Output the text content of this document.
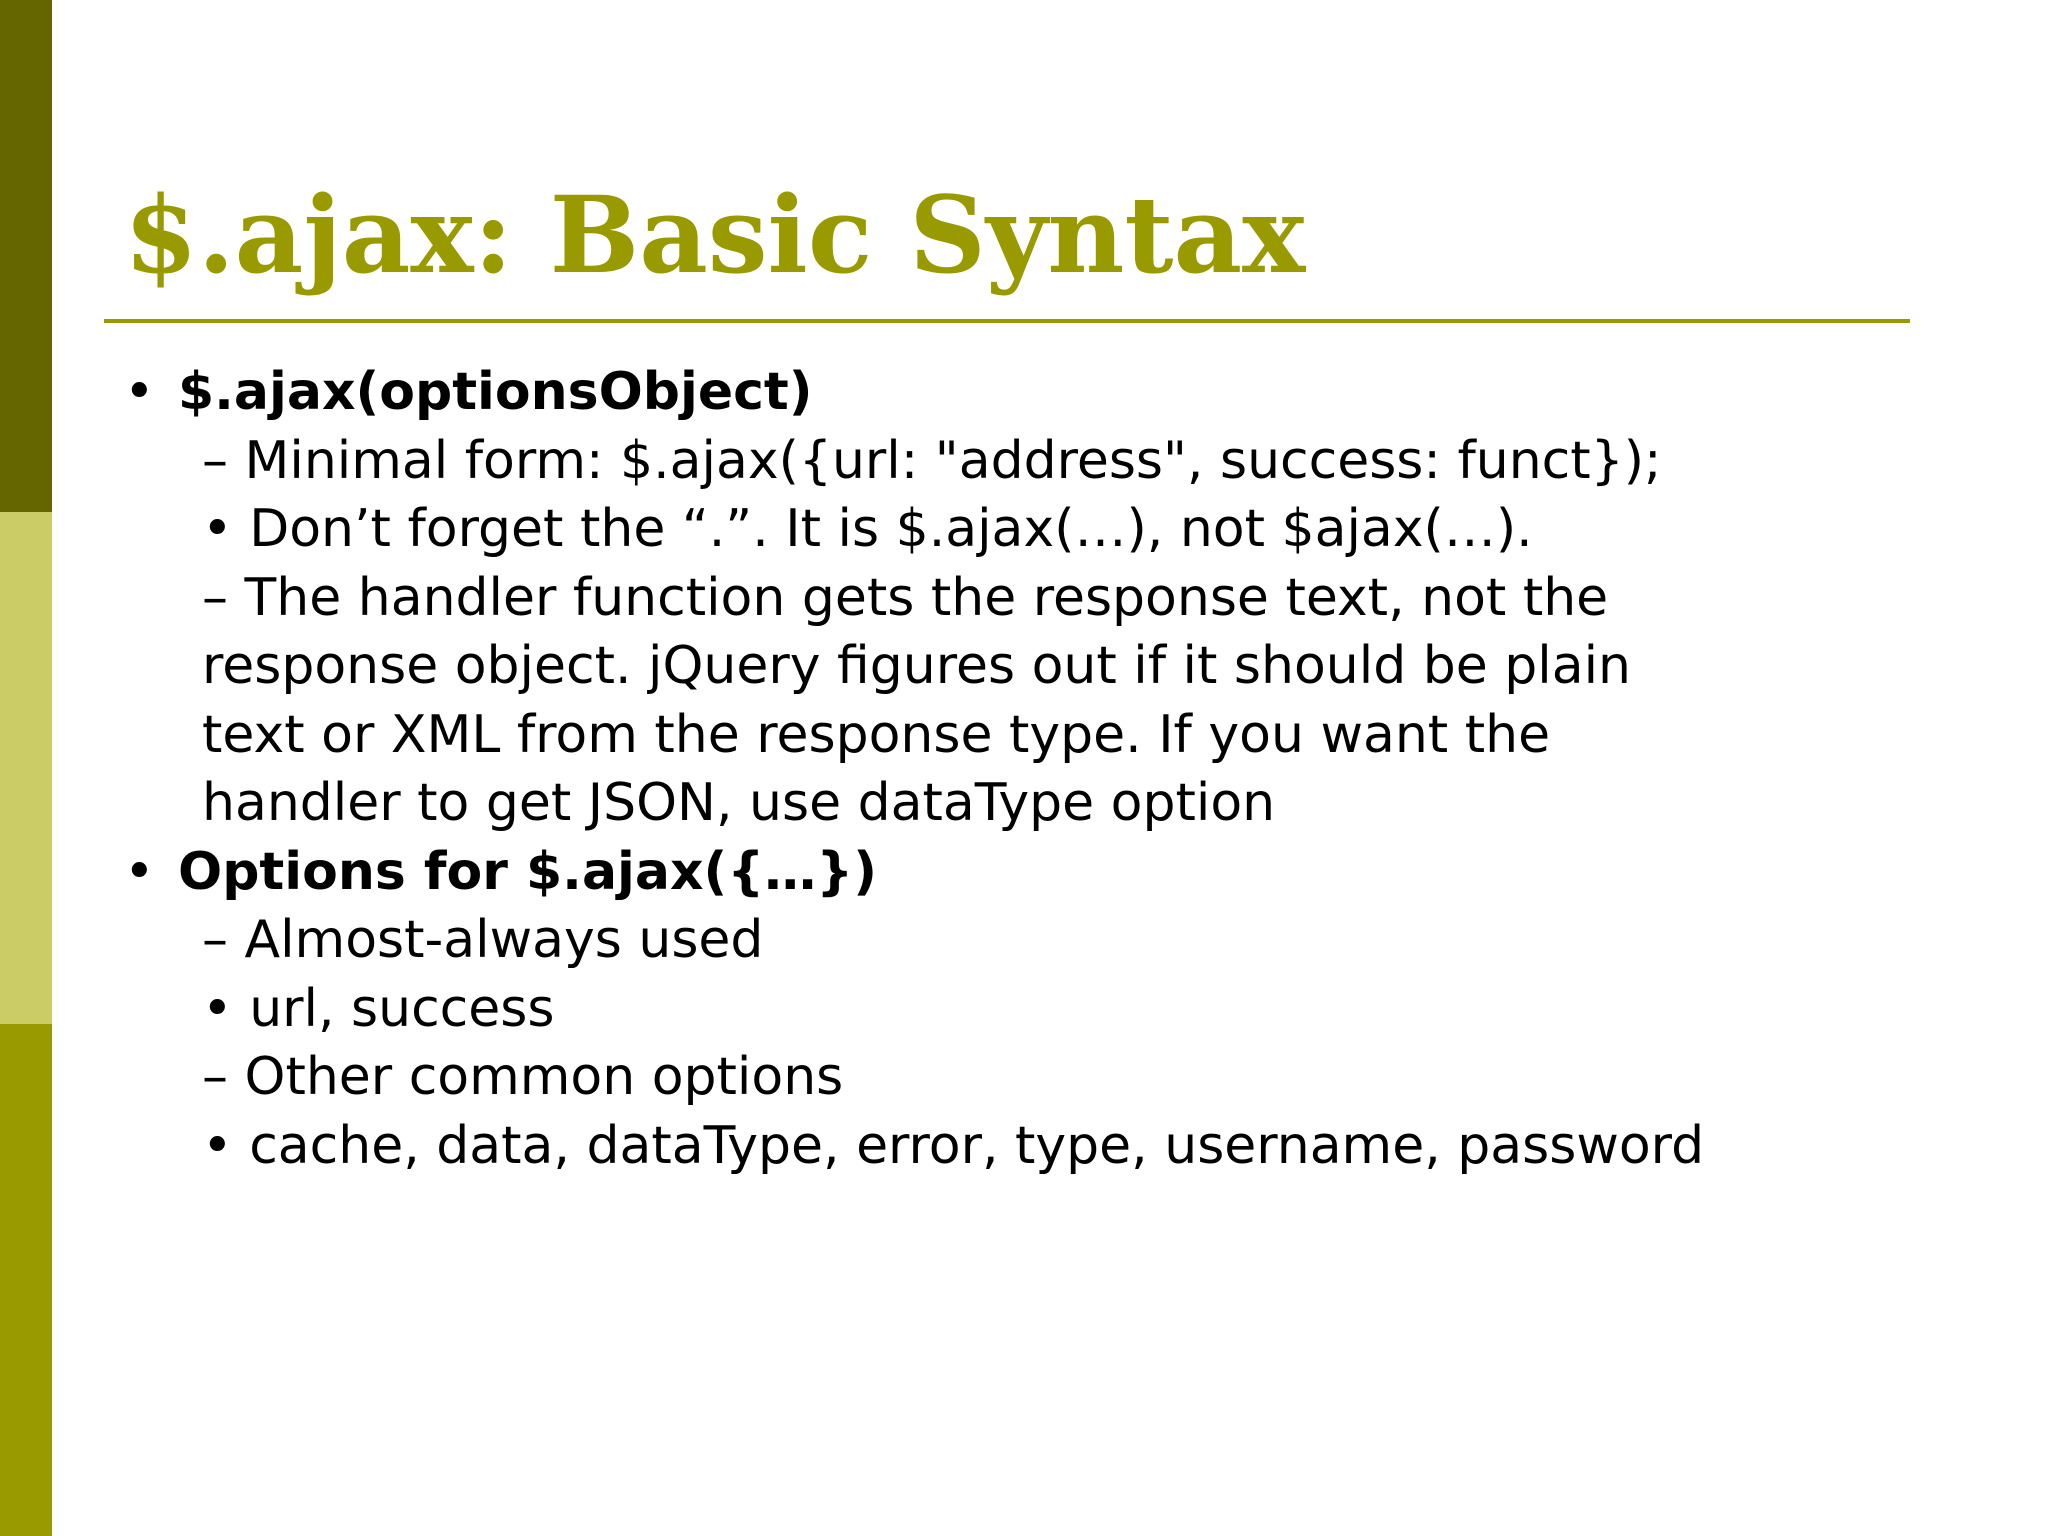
$.ajax: Basic Syntax
• $.ajax(optionsObject)
– Minimal form: $.ajax({url: "address", success: funct});
• Don’t forget the “.”. It is $.ajax(…), not $ajax(…).
– The handler function gets the response text, not the
response object. jQuery figures out if it should be plain
text or XML from the response type. If you want the
handler to get JSON, use dataType option
• Options for $.ajax({…})
– Almost-always used
• url, success
– Other common options
• cache, data, dataType, error, type, username, password
